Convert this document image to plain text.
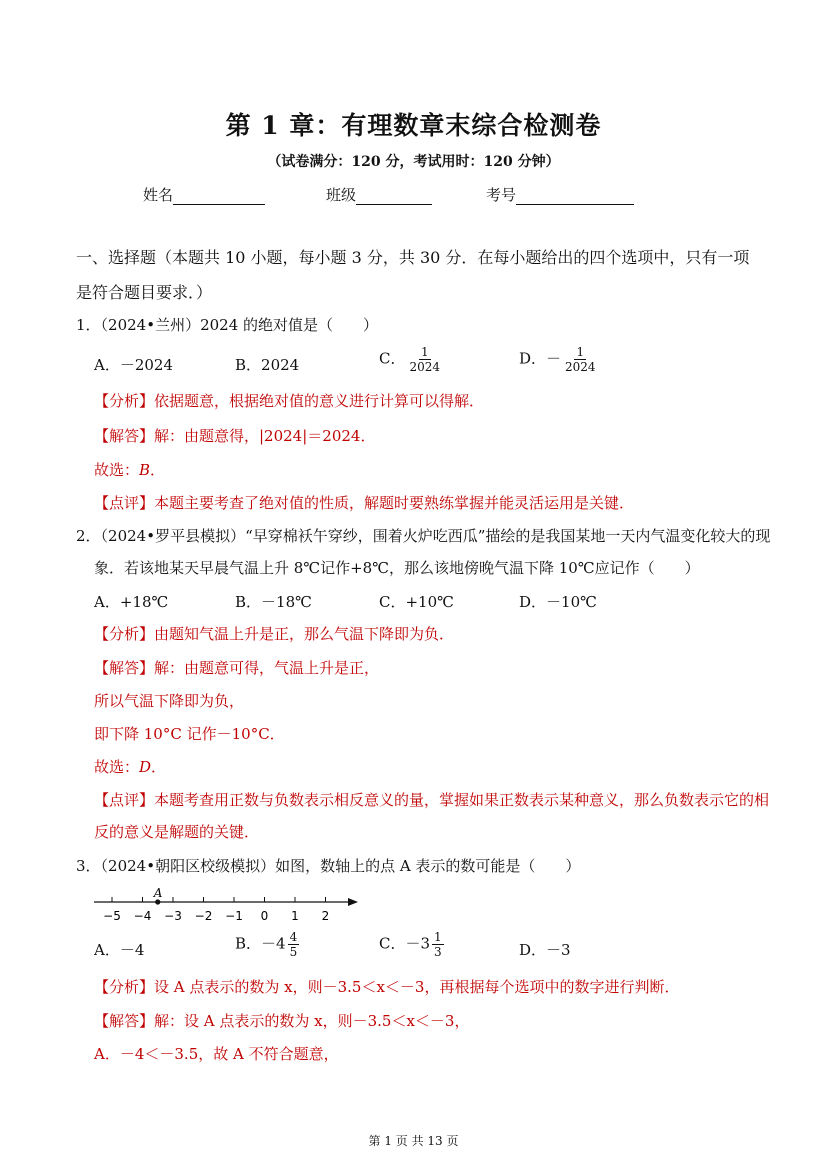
第 1 章：有理数章末综合检测卷
（试卷满分：120 分，考试用时：120 分钟）
姓名	班级	考号
一、选择题（本题共 10 小题，每小题 3 分，共 30 分．在每小题给出的四个选项中，只有一项
是符合题目要求．）
1．（2024•兰州）2024 的绝对值是（　　）
A．－2024	B．2024	C． $\frac{1}{2024}$	D．－ $\frac{1}{2024}$
【分析】依据题意，根据绝对值的意义进行计算可以得解．
【解答】解：由题意得，|2024|＝2024．
故选：B．
【点评】本题主要考查了绝对值的性质，解题时要熟练掌握并能灵活运用是关键．
2．（2024•罗平县模拟）“早穿棉袄午穿纱，围着火炉吃西瓜”描绘的是我国某地一天内气温变化较大的现
象．若该地某天早晨气温上升 8℃记作+8℃，那么该地傍晚气温下降 10℃应记作（　　）
A．+18℃	B．－18℃	C．+10℃	D．－10℃
【分析】由题知气温上升是正，那么气温下降即为负．
【解答】解：由题意可得，气温上升是正，
所以气温下降即为负，
即下降 10°C 记作－10°C．
故选：D．
【点评】本题考查用正数与负数表示相反意义的量，掌握如果正数表示某种意义，那么负数表示它的相
反的意义是解题的关键．
3．（2024•朝阳区校级模拟）如图，数轴上的点 A 表示的数可能是（　　）
−5 −4 −3 −2 −1 0 1 2
A
A．－4	B．$-4 \frac{4}{5}$	C．$-3 \frac{1}{3}$	D．－3
【分析】设 A 点表示的数为 x，则－3.5＜x＜－3，再根据每个选项中的数字进行判断．
【解答】解：设 A 点表示的数为 x，则－3.5＜x＜－3，
A．－4＜－3.5，故 A 不符合题意，
第 1 页 共 13 页
